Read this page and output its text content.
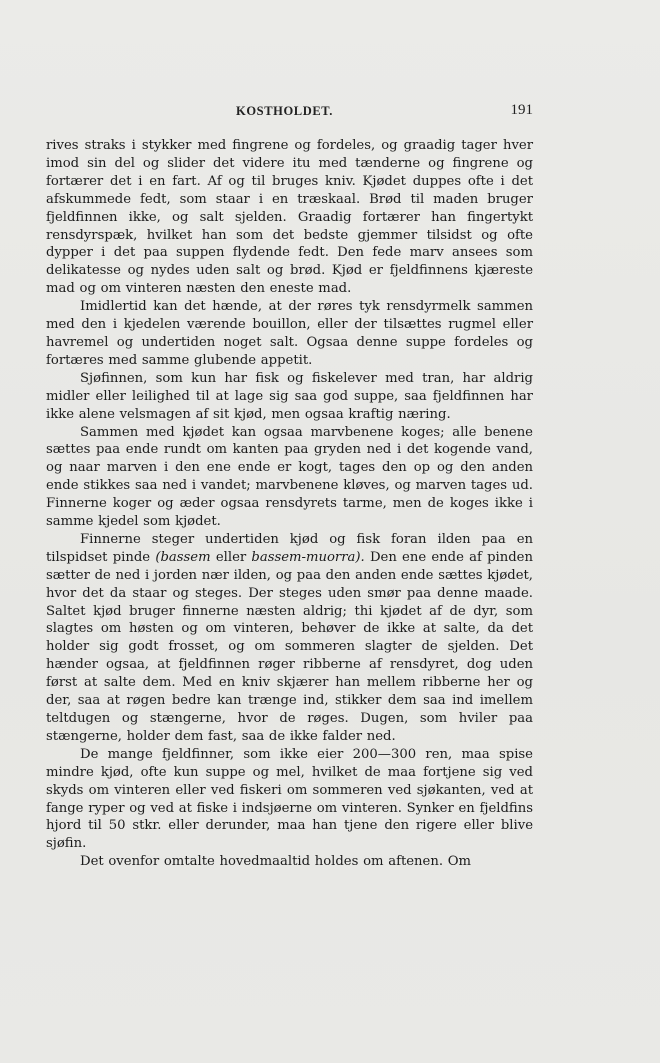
KOSTHOLDET.	191

rives straks i stykker med fingrene og fordeles, og graadig tager hver imod sin del og slider det videre itu med tænderne og fingrene og fortærer det i en fart. Af og til bruges kniv. Kjødet duppes ofte i det afskummede fedt, som staar i en træskaal. Brød til maden bruger fjeldfinnen ikke, og salt sjelden. Graadig fortærer han fingertykt rensdyrspæk, hvilket han som det bedste gjemmer tilsidst og ofte dypper i det paa suppen flydende fedt. Den fede marv ansees som delikatesse og nydes uden salt og brød. Kjød er fjeldfinnens kjæreste mad og om vinteren næsten den eneste mad.

Imidlertid kan det hænde, at der røres tyk rensdyrmelk sammen med den i kjedelen værende bouillon, eller der tilsættes rugmel eller havremel og undertiden noget salt. Ogsaa denne suppe fordeles og fortæres med samme glubende appetit.

Sjøfinnen, som kun har fisk og fiskelever med tran, har aldrig midler eller leilighed til at lage sig saa god suppe, saa fjeldfinnen har ikke alene velsmagen af sit kjød, men ogsaa kraftig næring.

Sammen med kjødet kan ogsaa marvbenene koges; alle benene sættes paa ende rundt om kanten paa gryden ned i det kogende vand, og naar marven i den ene ende er kogt, tages den op og den anden ende stikkes saa ned i vandet; marvbenene kløves, og marven tages ud. Finnerne koger og æder ogsaa rensdyrets tarme, men de koges ikke i samme kjedel som kjødet.

Finnerne steger undertiden kjød og fisk foran ilden paa en tilspidset pinde (bassem eller bassem-muorra). Den ene ende af pinden sætter de ned i jorden nær ilden, og paa den anden ende sættes kjødet, hvor det da staar og steges. Der steges uden smør paa denne maade. Saltet kjød bruger finnerne næsten aldrig; thi kjødet af de dyr, som slagtes om høsten og om vinteren, behøver de ikke at salte, da det holder sig godt frosset, og om sommeren slagter de sjelden. Det hænder ogsaa, at fjeldfinnen røger ribberne af rensdyret, dog uden først at salte dem. Med en kniv skjærer han mellem ribberne her og der, saa at røgen bedre kan trænge ind, stikker dem saa ind imellem teltdugen og stængerne, hvor de røges. Dugen, som hviler paa stængerne, holder dem fast, saa de ikke falder ned.

De mange fjeldfinner, som ikke eier 200—300 ren, maa spise mindre kjød, ofte kun suppe og mel, hvilket de maa fortjene sig ved skyds om vinteren eller ved fiskeri om sommeren ved sjøkanten, ved at fange ryper og ved at fiske i indsjøerne om vinteren. Synker en fjeldfins hjord til 50 stkr. eller derunder, maa han tjene den rigere eller blive sjøfin.

Det ovenfor omtalte hovedmaaltid holdes om aftenen. Om
